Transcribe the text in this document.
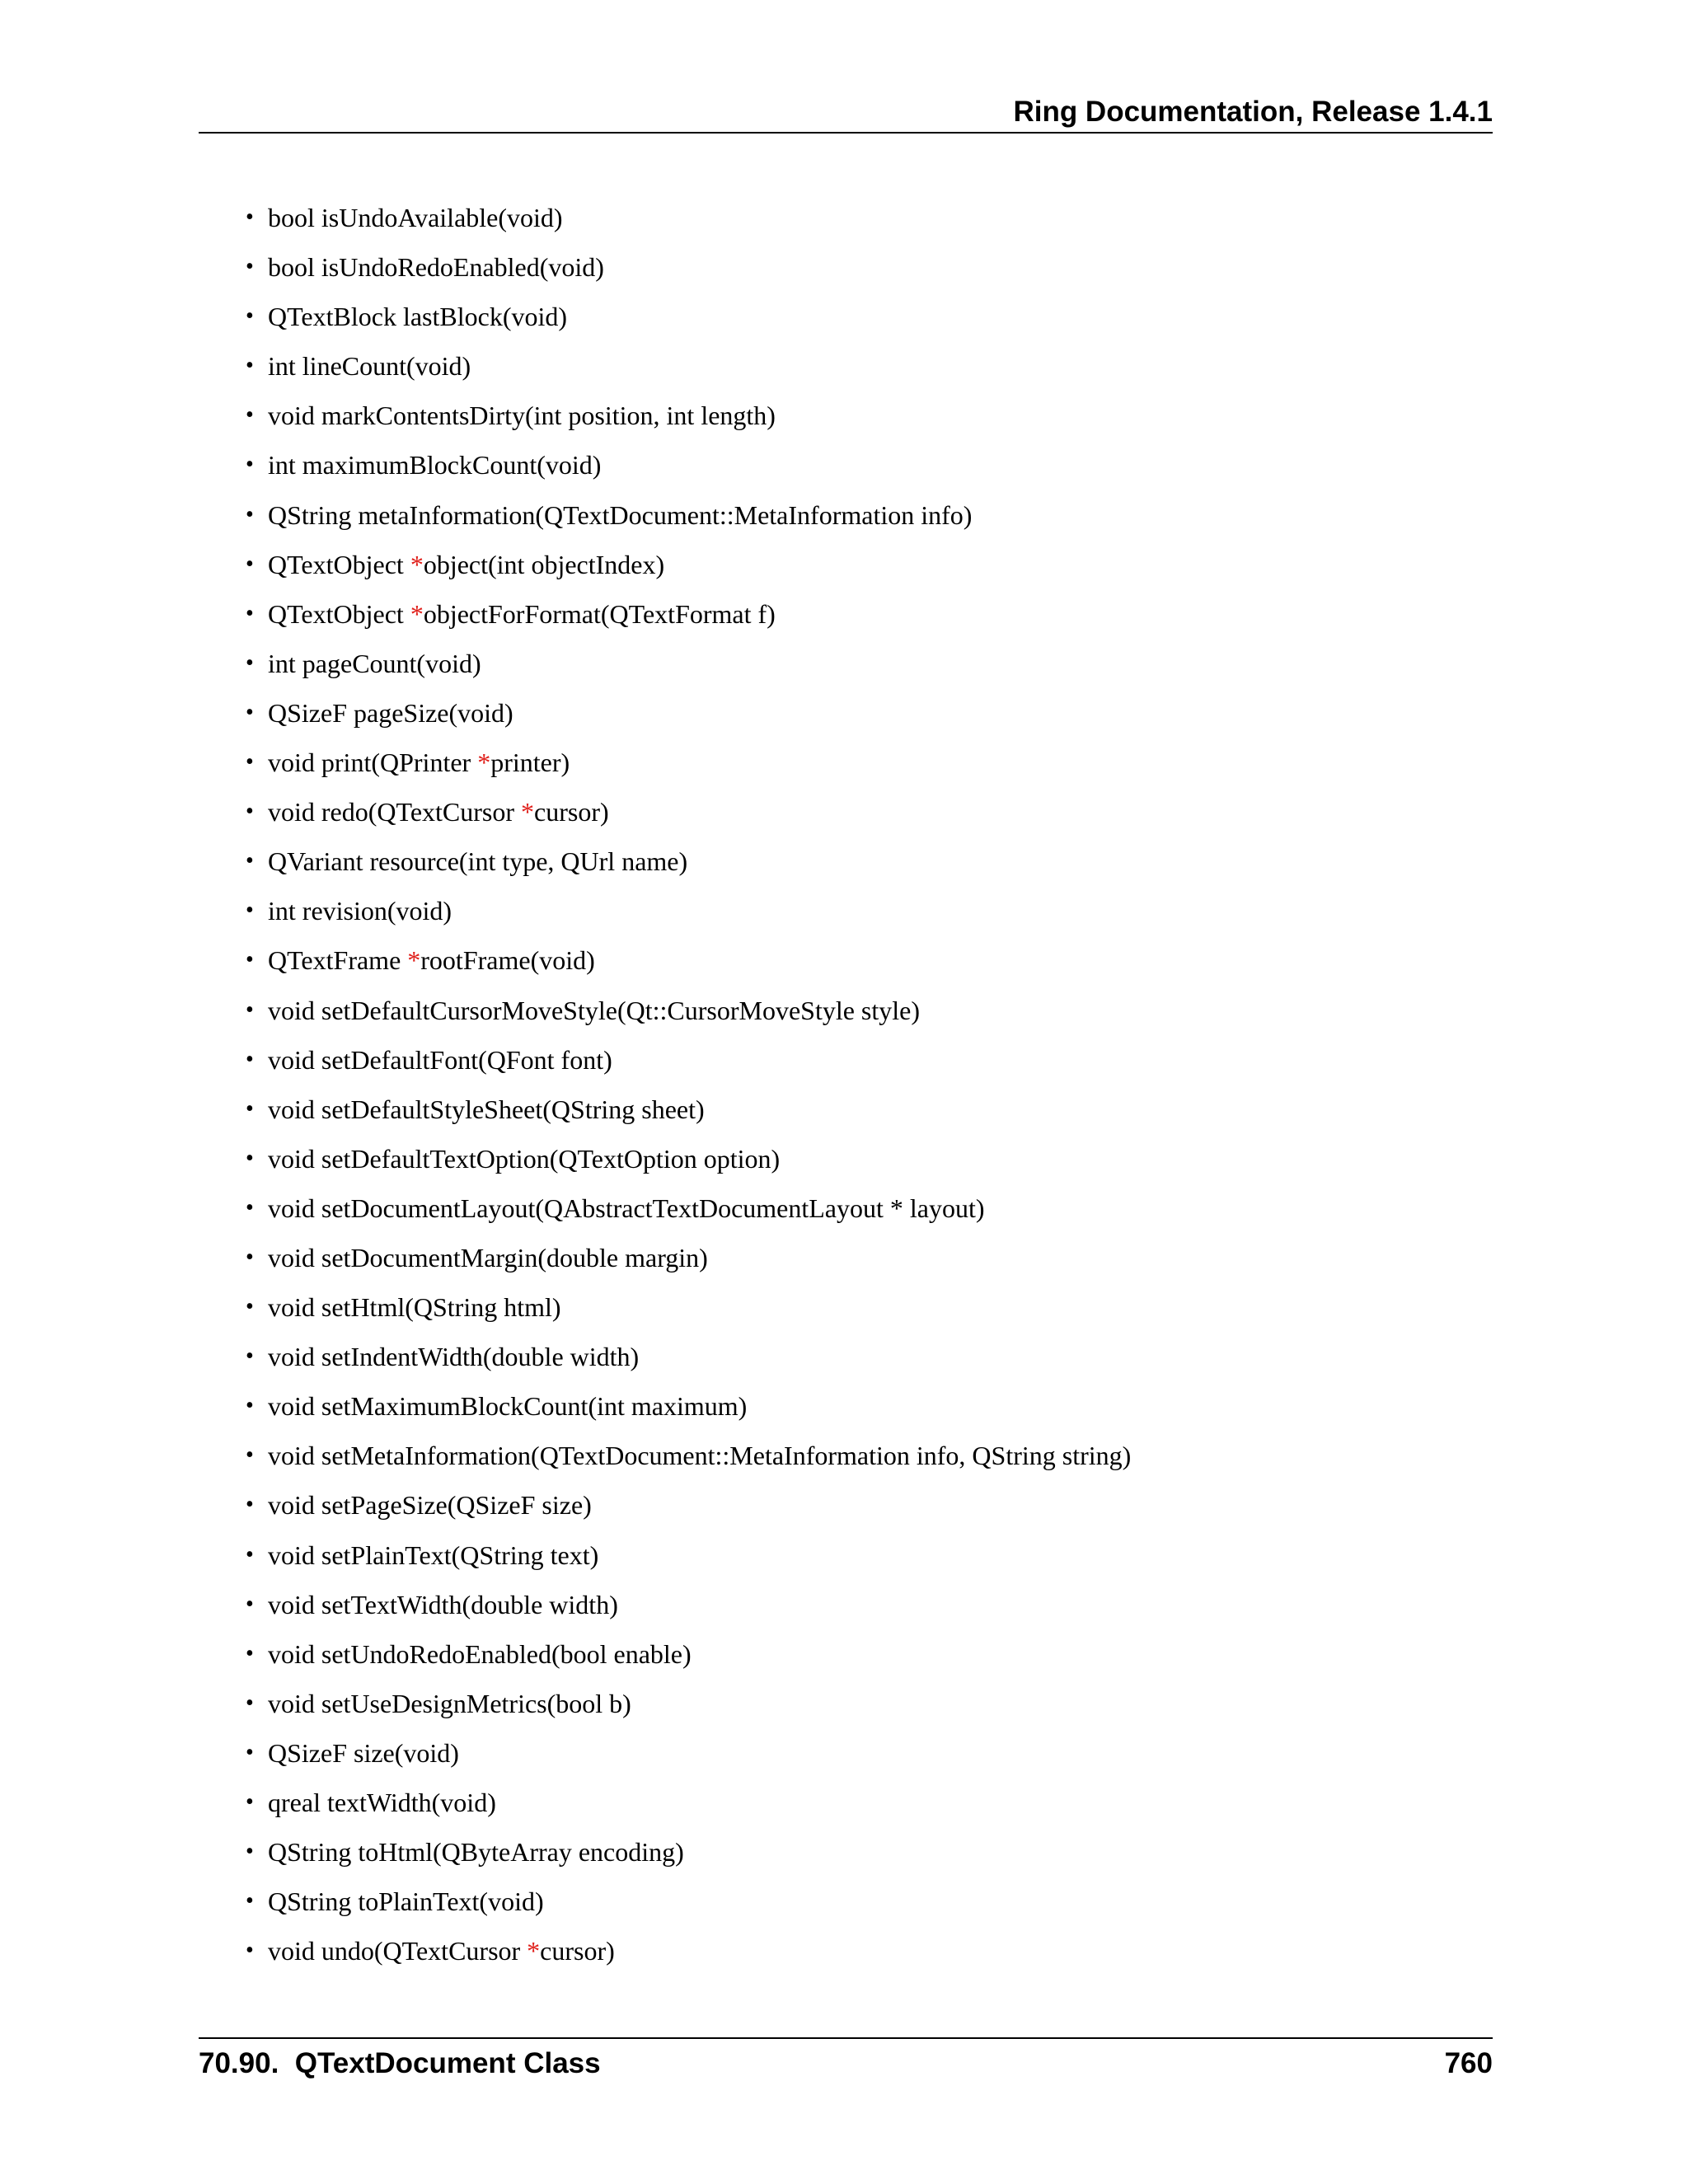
Ring Documentation, Release 1.4.1
• bool isUndoAvailable(void)
• bool isUndoRedoEnabled(void)
• QTextBlock lastBlock(void)
• int lineCount(void)
• void markContentsDirty(int position, int length)
• int maximumBlockCount(void)
• QString metaInformation(QTextDocument::MetaInformation info)
• QTextObject *object(int objectIndex)
• QTextObject *objectForFormat(QTextFormat f)
• int pageCount(void)
• QSizeF pageSize(void)
• void print(QPrinter *printer)
• void redo(QTextCursor *cursor)
• QVariant resource(int type, QUrl name)
• int revision(void)
• QTextFrame *rootFrame(void)
• void setDefaultCursorMoveStyle(Qt::CursorMoveStyle style)
• void setDefaultFont(QFont font)
• void setDefaultStyleSheet(QString sheet)
• void setDefaultTextOption(QTextOption option)
• void setDocumentLayout(QAbstractTextDocumentLayout * layout)
• void setDocumentMargin(double margin)
• void setHtml(QString html)
• void setIndentWidth(double width)
• void setMaximumBlockCount(int maximum)
• void setMetaInformation(QTextDocument::MetaInformation info, QString string)
• void setPageSize(QSizeF size)
• void setPlainText(QString text)
• void setTextWidth(double width)
• void setUndoRedoEnabled(bool enable)
• void setUseDesignMetrics(bool b)
• QSizeF size(void)
• qreal textWidth(void)
• QString toHtml(QByteArray encoding)
• QString toPlainText(void)
• void undo(QTextCursor *cursor)
70.90.  QTextDocument Class	760
